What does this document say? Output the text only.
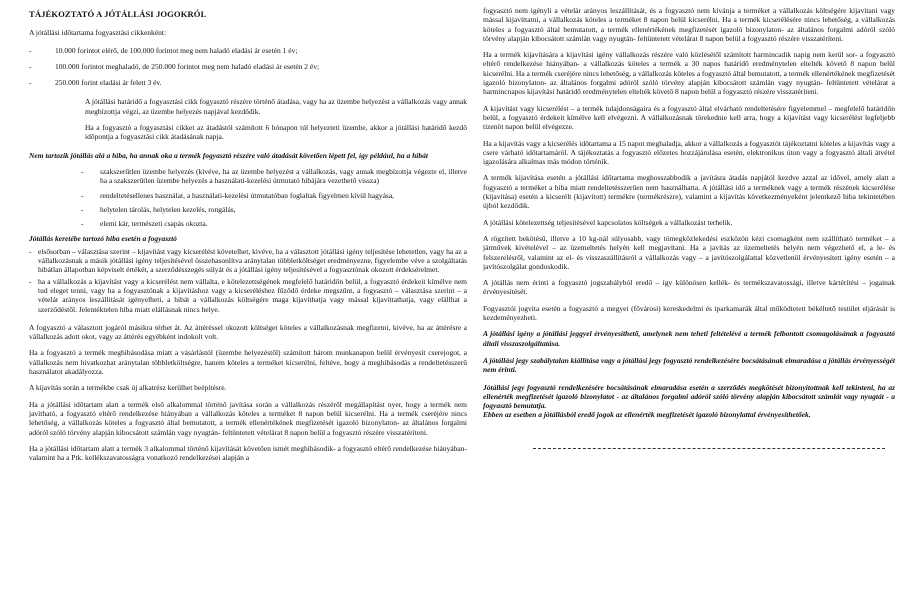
TÁJÉKOZTATÓ A JÓTÁLLÁSI JOGOKRÓL

A jótállási időtartama fogyasztási cikkenként:

-	10.000 forintot elérő, de 100.000 forintot meg nem haladó eladási ár esetén 1 év;
-	100.000 forintot meghaladó, de 250.000 forintot meg nem haladó eladási ár esetén 2 év;
-	250.000 forint eladási ár felett 3 év.

A jótállási határidő a fogyasztási cikk fogyasztó részére történő átadása, vagy ha az üzembe helyezést a vállalkozás vagy annak megbízottja végzi, az üzembe helyezés napjával kezdődik.

Ha a fogyasztó a fogyasztási cikket az átadástól számított 6 hónapon túl helyezteti üzembe, akkor a jótállási határidő kezdő időpontja a fogyasztási cikk átadásának napja.

Nem tartozik jótállás alá a hiba, ha annak oka a termék fogyasztó részére való átadását követően lépett fel, így például, ha a hibát

-	szakszerűtlen üzembe helyezés (kivéve, ha az üzembe helyezést a vállalkozás, vagy annak megbízottja végezte el, illetve ha a szakszerűtlen üzembe helyezés a használati-kezelési útmutató hibájára vezethető vissza)
-	rendeltetésellenes használat, a használati-kezelési útmutatóban foglaltak figyelmen kívül hagyása,
-	helytelen tárolás, helytelen kezelés, rongálás,
-	elemi kár, természeti csapás okozta.

Jótállás keretébe tartozó hiba esetén a fogyasztó

- elsősorban – választása szerint – kijavítást vagy kicserélést követelhet, kivéve, ha a választott jótállási igény teljesítése lehetetlen, vagy ha az a vállalkozásnak a másik jótállási igény teljesítésével összehasonlítva aránytalan többletköltséget eredményezne, figyelembe véve a szolgáltatás hibátlan állapotban képviselt értékét, a szerződésszegés súlyát és a jótállási igény teljesítésével a fogyasztónak okozott érdeksérelmet.
- ha a vállalkozás a kijavítást vagy a kicserélést nem vállalta, e kötelezettségének megfelelő határidőn belül, a fogyasztó érdekeit kímélve nem tud eleget tenni, vagy ha a fogyasztónak a kijavításhoz vagy a kicseréléshez fűződő érdeke megszűnt, a fogyasztó – választása szerint – a vételár arányos leszállítását igényelheti, a hibát a vállalkozás költségére maga kijavíthatja vagy mással kijavíttathatja, vagy elállhat a szerződéstől. Jelentéktelen hiba miatt elállásnak nincs helye.

A fogyasztó a választott jogáról másikra térhet át. Az áttéréssel okozott költséget köteles a vállalkozásnak megfizetni, kivéve, ha az áttérésre a vállalkozás adott okot, vagy az áttérés egyébként indokolt volt.

Ha a fogyasztó a termék meghibásodása miatt a vásárlástól (üzembe helyezéstől) számított három munkanapon belül érvényesít cserejogot, a vállalkozás nem hivatkozhat aránytalan többletköltségre, hanem köteles a terméket kicserélni, feltéve, hogy a meghibásodás a rendeltetésszerű használatot akadályozza.

A kijavítás során a termékbe csak új alkatrész kerülhet beépítésre.

Ha a jótállási időtartam alatt a termék első alkalommal történő javítása során a vállalkozás részéről megállapítást nyer, hogy a termék nem javítható, a fogyasztó eltérő rendelkezése hiányában a vállalkozás köteles a terméket 8 napon belül kicserélni. Ha a termék cseréjére nincs lehetőség, a vállalkozás köteles a fogyasztó által bemutatott, a termék ellenértékének megfizetését igazoló bizonylaton- az általános forgalmi adóról szóló törvény alapján kibocsátott számlán vagy nyugtán- feltüntetett vételárat 8 napon belül a fogyasztó részére visszatéríteni.

Ha a jótállási időtartam alatt a termék 3 alkalommal történő kijavítását követően ismét meghibásodik- a fogyasztó eltérő rendelkezése hiányában- valamint ha a Ptk. kellékszavatosságra vonatkozó rendelkezései alapján a

fogyasztó nem igényli a vételár arányos leszállítását, és a fogyasztó nem kívánja a terméket a vállalkozás költségére kijavítani vagy mással kijavíttatni, a vállalkozás köteles a terméket 8 napon belül kicserélni. Ha a termék kicserélésére nincs lehetőség, a vállalkozás köteles a fogyasztó által bemutatott, a termék ellenértékének megfizetését igazoló bizonylaton- az általános forgalmi adóról szóló törvény alapján kibocsátott számlán vagy nyugtán- feltüntetett vételárat 8 napon belül a fogyasztó részére visszatéríteni.

Ha a termék kijavítására a kijavítási igény vállalkozás részére való közlésétől számított harmincadik napig nem kerül sor- a fogyasztó eltérő rendelkezése hiányában- a vállalkozás köteles a termék a 30 napos határidő eredménytelen eltelték követő 8 napon belül kicserélni. Ha a termék cseréjére nincs lehetőség, a vállalkozás köteles a fogyasztó által bemutatott, a termék ellenértékének megfizetését igazoló bizonylaton- az általános forgalmi adóról szóló törvény alapján kibocsátott számlán vagy nyugtán- feltüntetett vételárat a harmincnapos kijavítási határidő eredménytelen eltelték követő 8 napon belül a fogyasztó részére visszatéríteni.

A kijavítást vagy kicserélést – a termék tulajdonságaira és a fogyasztó által elvárható rendeltetésére figyelemmel – megfelelő határidőn belül, a fogyasztó érdekeit kímélve kell elvégezni. A vállalkozásnak törekednie kell arra, hogy a kijavítást vagy kicserélést legfeljebb tizenöt napon belül elvégezze.

Ha a kijavítás vagy a kicserélés időtartama a 15 napot meghaladja, akkor a vállalkozás a fogyasztót tájékoztatni köteles a kijavítás vagy a csere várható időtartamáról. A tájékoztatás a fogyasztó előzetes hozzájárulása esetén, elektronikus úton vagy a fogyasztó általi átvétel igazolására alkalmas más módon történik.

A termék kijavítása esetén a jótállási időtartama meghosszabbodik a javításra átadás napjától kezdve azzal az idővel, amely alatt a fogyasztó a terméket a hiba miatt rendeltetésszerűen nem használhatta. A jótállási idő a terméknek vagy a termék részének kicserélése (kijavítása) esetén a kicserélt (kijavított) termékre (termékrészre), valamint a kijavítás következményeként jelentkező hiba tekintetében újból kezdődik.

A jótállási kötelezettség teljesítésével kapcsolatos költségek a vállalkozást terhelik.

A rögzített bekötésű, illetve a 10 kg-nál súlyosabb, vagy tömegközlekedési eszközön kézi csomagként nem szállítható terméket – a járművek kivételével – az üzemeltetés helyén kell megjavítani. Ha a javítás az üzemeltetés helyén nem végezhető el, a le- és felszerelésről, valamint az el- és visszaszállításról a vállalkozás vagy – a javítószolgálattal közvetlenül érvényesített igény esetén – a javítószolgálat gondoskodik.

A jótállás nem érinti a fogyasztó jogszabályból eredő – így különösen kellék- és termékszavatossági, illetve kártérítési – jogainak érvényesítését.

Fogyasztói jogvita esetén a fogyasztó a megyei (fővárosi) kereskedelmi és iparkamarák által működtetett békéltető testület eljárását is kezdeményezheti.

A jótállási igény a jótállási jeggyel érvényesíthető, amelynek nem teheti feltételévé a termék felbontott csomagolásának a fogyasztó általi visszaszolgáltatása.

A jótállási jegy szabálytalan kiállítása vagy a jótállási jegy fogyasztó rendelkezésére bocsátásának elmaradása a jótállás érvényességét nem érinti.

Jótállási jegy fogyasztó rendelkezésére bocsátásának elmaradása esetén a szerződés megkötését bizonyítottnak kell tekinteni, ha az ellenérték megfizetését igazoló bizonylatot - az általános forgalmi adóról szóló törvény alapján kibocsátott számlát vagy nyugtát - a fogyasztó bemutatja.

Ebben az esetben a jótállásból eredő jogok az ellenérték megfizetését igazoló bizonylattal érvényesíthetőek.
